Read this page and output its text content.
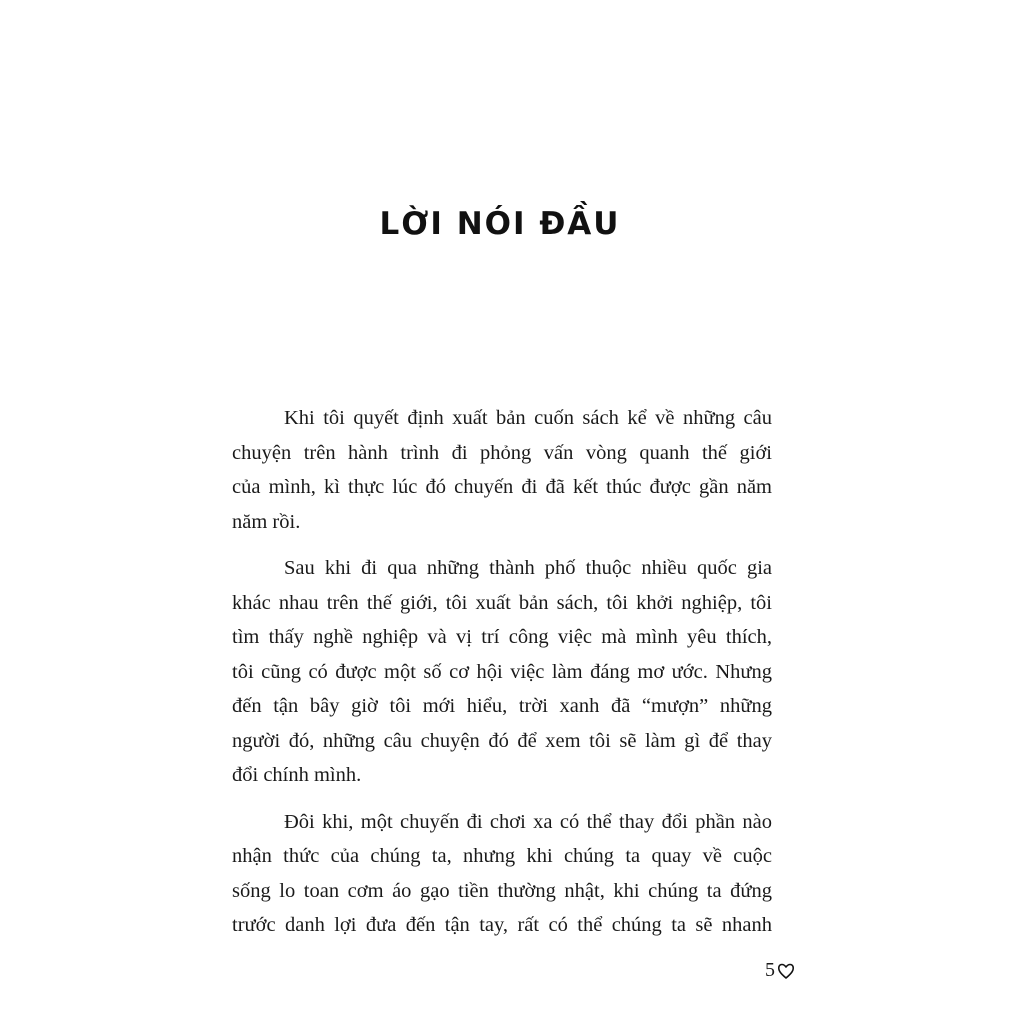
LỜI NÓI ĐẦU

Khi tôi quyết định xuất bản cuốn sách kể về những câu
chuyện trên hành trình đi phỏng vấn vòng quanh thế giới
của mình, kì thực lúc đó chuyến đi đã kết thúc được gần năm
năm rồi.

Sau khi đi qua những thành phố thuộc nhiều quốc gia
khác nhau trên thế giới, tôi xuất bản sách, tôi khởi nghiệp, tôi
tìm thấy nghề nghiệp và vị trí công việc mà mình yêu thích,
tôi cũng có được một số cơ hội việc làm đáng mơ ước. Nhưng
đến tận bây giờ tôi mới hiểu, trời xanh đã “mượn” những
người đó, những câu chuyện đó để xem tôi sẽ làm gì để thay
đổi chính mình.

Đôi khi, một chuyến đi chơi xa có thể thay đổi phần nào
nhận thức của chúng ta, nhưng khi chúng ta quay về cuộc
sống lo toan cơm áo gạo tiền thường nhật, khi chúng ta đứng
trước danh lợi đưa đến tận tay, rất có thể chúng ta sẽ nhanh

5
